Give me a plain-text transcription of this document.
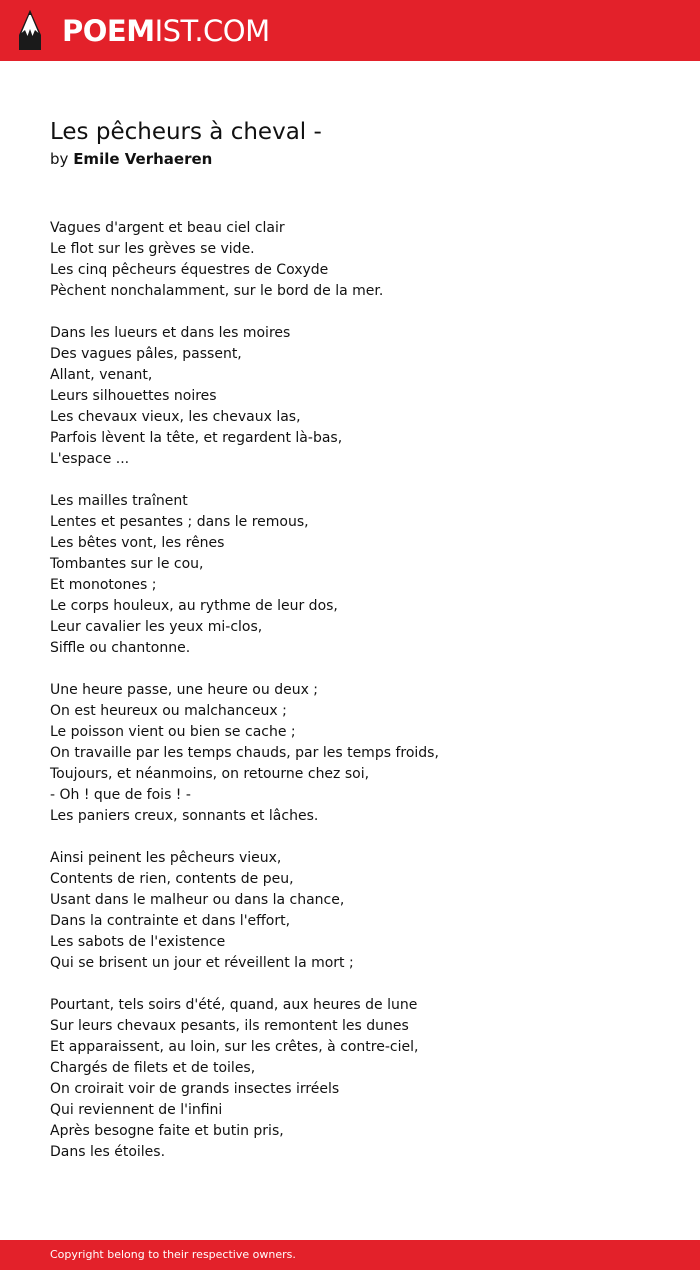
POEMIST.COM
Les pêcheurs à cheval -
by Emile Verhaeren
Vagues d'argent et beau ciel clair
Le flot sur les grèves se vide.
Les cinq pêcheurs équestres de Coxyde
Pèchent nonchalamment, sur le bord de la mer.
Dans les lueurs et dans les moires
Des vagues pâles, passent,
Allant, venant,
Leurs silhouettes noires
Les chevaux vieux, les chevaux las,
Parfois lèvent la tête, et regardent là-bas,
L'espace ...
Les mailles traînent
Lentes et pesantes ; dans le remous,
Les bêtes vont, les rênes
Tombantes sur le cou,
Et monotones ;
Le corps houleux, au rythme de leur dos,
Leur cavalier les yeux mi-clos,
Siffle ou chantonne.
Une heure passe, une heure ou deux ;
On est heureux ou malchanceux ;
Le poisson vient ou bien se cache ;
On travaille par les temps chauds, par les temps froids,
Toujours, et néanmoins, on retourne chez soi,
- Oh ! que de fois ! -
Les paniers creux, sonnants et lâches.
Ainsi peinent les pêcheurs vieux,
Contents de rien, contents de peu,
Usant dans le malheur ou dans la chance,
Dans la contrainte et dans l'effort,
Les sabots de l'existence
Qui se brisent un jour et réveillent la mort ;
Pourtant, tels soirs d'été, quand, aux heures de lune
Sur leurs chevaux pesants, ils remontent les dunes
Et apparaissent, au loin, sur les crêtes, à contre-ciel,
Chargés de filets et de toiles,
On croirait voir de grands insectes irréels
Qui reviennent de l'infini
Après besogne faite et butin pris,
Dans les étoiles.
Copyright belong to their respective owners.
